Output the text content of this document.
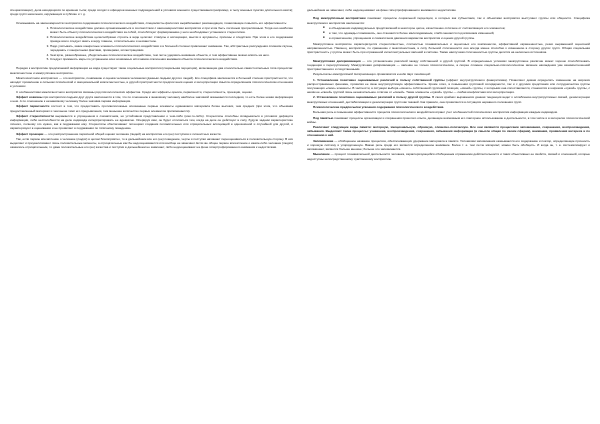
специализации), дела находящихся по времени тыла; среди солдат и офицеров военных подразделений в условиях военного существования (например, в тылу военных пунктах длительного вахта); среди групп населения, окружающих в публике и т. д.

Основываясь на закономерностях восприятия содержания психологического воздействия, специалисты-филологи вырабатывают рекомендации, позволяющие повысить его эффективность:

1. Психологическое воздействие должно организовываться в соответствии с закономерностями восприятия и при этом быть логичным прогрессивным. Тогда оно наиболее может быть объекту психологического воздействия за собой, способствует формированию у него необходимых установок и стереотипов.
2. Психологическое воздействие целесообразно строить в виде цепочки: стимулы и ассоциации, мысли и аргументы, причины и следствия. При этом в его содержании прежде всего следует иметь в виду главное, отличительное и неизвестное.
3. Надо учитывать, какие конкретные элементы психологического воздействия и в большей степени привлекают внимание. Так, абстрактные рассуждения слишком скучны, чередовать с конкретными фактами, примерами, иллюстрациями.
4. Чем ярче, разнообразнее, убедительнее психологическое воздействие, тем легче удержать внимание объекта, и тем эффективнее можно влиять на него.
5. Следует применять меры по устранению всех возможных источников отвлечения внимания объекта психологического воздействия.

Нередко к восприятию предлагаемой информации ее вида существуют такие социальные восприятия (социальная перцепция), включающие два относительно самостоятельных типа процессов: межличностное и межгрупповое восприятие.

Межличностное восприятие — это восприятие, понимание и оценка человека человеком (данным людьми другого людей). Его специфика заключается в большей степени пристрастности, что находит проявление в сильном психической и эмоциональной компетентностью, в другой пристрастности предпочтения оценки и интерпретации смысла определённом психологическом отношения в условиях.

С особенностями межличностного восприятия связаны ряд психологических эффектов. Среди них эффекты ореола, первичности, стереотипность, проекции, оценки.

Эффект новизны при восприятии людьми друг друга заключается в том, что по отношению к знакомому человеку наиболее значимой оказывается последняя, то есть более новая информация о нем. А по отношению к незнакомому человеку более значима первая информация.

Эффект первичности состоит в том, что предоставить противоположные опознанные первые элементы одинакового материала более высоких, чем средних (при этом, что объемная предоставленный материал и чем выше темп его предъявления, тем меньшее количество первых элементов припоминается).

Эффект стереотипности выражается в упрощенном и схематичном, но устойчивом представлении о чем-либо (ком-то-либо). Стереотипы способны складываться в условиях дефицита информации, либо неспособности на деле индивида интерпретировать ее адекватно. Оперируя ими, он будет отличаться тем, когда на деле он действует в силу, будучи задним характеристике личного, полному это нужно, как в подражании ему. Стереотипы обеспечивают потенциал создания положительных или отрицательных ассоциаций в однозначной и случайной для другой, и характеризуют в оценивании и не проявляет в подражании по типичному поведению.

Эффект проекции — это распространение первичной общей оценки человека (людей) на восприятие его (ее) поступков и личностных качеств.

Так, если первое впечатление о человеке (людях) в целом благоприятно, то в дальнейшем все его (ее) поведение, черты и поступки начинают переоцениваться в положительную сторону. В них выделяют и преувеличивают лишь положительные моменты, а отрицательные как бы недооцениваются или вообще не замечают. Если же общее первое впечатление о каком-либо человеке (людях) оказалось отрицательным, то даже положительные его (ее) качества и поступки в дальнейшем не замечают, либо недооценивают на фоне гипертрофированного внимания к недостаткам.

дальнейшем не замечают, либо недооценивают на фоне гипертрофированного внимания к недостаткам.

Под межгрупповым восприятием понимают процессы социальной перцепции, в которых как субъектами, так и объектами восприятия выступают группы или общности. Специфика межгруппового восприятия заключается:

■ в объединении индивидуальных представлений в некоторое целое, качественно отличное от составляющих его элементов;
■ в том, что однажды сложившись, оно становится более малоподвижным, слабо меняется под влиянием изменений;
■ в ограниченном, упрощенном и схематичном давлении вариантов восприятия и оценки другой группы.

Межгрупповое восприятие характеризуется стереотипностью, слитностью познавательных и оценочных его компонентов, эффективной окрашенностью, резко выраженной оценочной направленностью. Наконец, восприятие, по сравнению с межличностным, в силу большой сплоченности оно всегда менее способно к изменению в сторону других групп. Общая социальная пристрастность у группы может быть при отраженной интеллектуальных явлений в системе. Также наилучшая сплоченностью группы делится на несколько источников.

Межгрупповая дискриминация — это установление различий между собственной и другой группой. В определенных условиях межгрупповое различие может хорошо способствовать тенденции к перегрупповому. Межгрупповая дискриминация — явление не только психологическое, а скорее сложное социально-психологическое явление нахождения уже взаимоотношений пространственного и сходственными.

Результаты межгрупповой дискриминации проявляются в виде двух тенденций:

1. Установление позитивно оцениваемых различий в пользу собственной группы (эффект внутригруппового фаворитизма). Позволяют домам определять изменение на широких распространённых феномен, проявляя ее свою внутригрупповую эффективность. Кроме этого, в повышении групповой солидарности, так и с другими средствами или сотрудничества группы получающих «свои» элементы. В частности, в ситуации выбора «своего» собственной групповой позиции, «своей» группы, с которыми она сопоставляется, становятся в широком «чужой» группы, с неким ее «своей» группой лишь незначительное отличие от «своей». Такие элементы «чужой» группы — любая конфликтная или интерпретация.

2. Установление позитивно оцениваемых различий в пользу другой группы. В своих крайних выражениях данная тенденция ведет к ослаблению внутригрупповых связей, дезинтеграции межгрупповых отношений, дестабилизации и дезинтеграции групп как таковой. Как правило, она проявляется в ситуациях неравного положения групп.

Психологические предпосылки усвоения содержания психологического воздействия.

Большая роль в повышении эффективности процесса психологического воздействия играют учет особенностей психического восприятия информации каждым индивидом.

Под памятью понимают процессы организации и сохранения прошлого опыта, делающие возможным его повторное использование в деятельности, в том числе и в интересах психологической войны.

Различают следующие виды памяти: моторную, эмоциональную, образную, словесно-логическую. Все они являются процессами запоминания, сохранения, воспроизведения, забывания. Выделяют также процессы: узнавания, воспроизведения, сохранения, забывания информации (в смысле общая по своим сферам), внимания, проявления интереса и по отношению к ней.

Запоминание — обобщенное название процессов, обеспечивающих удержание материала в памяти. Условиями запоминания оказываются его содержание и повтор, определяющие прочность и хорошую систему и упорядоченную. Важно роль среди его является определенное внимание. Более т. е. тем легче материал; можно быть обобщить. И когда он, т. в. систематизирует и запоминают, является больше внешне; больше это запоминается.

Мышление — процесс познавательной деятельности человека, характеризующийся обобщенным отражением действительности и таких объективных ее свойств, связей и отношений, которые недоступны непосредственному чувственному восприятию.
